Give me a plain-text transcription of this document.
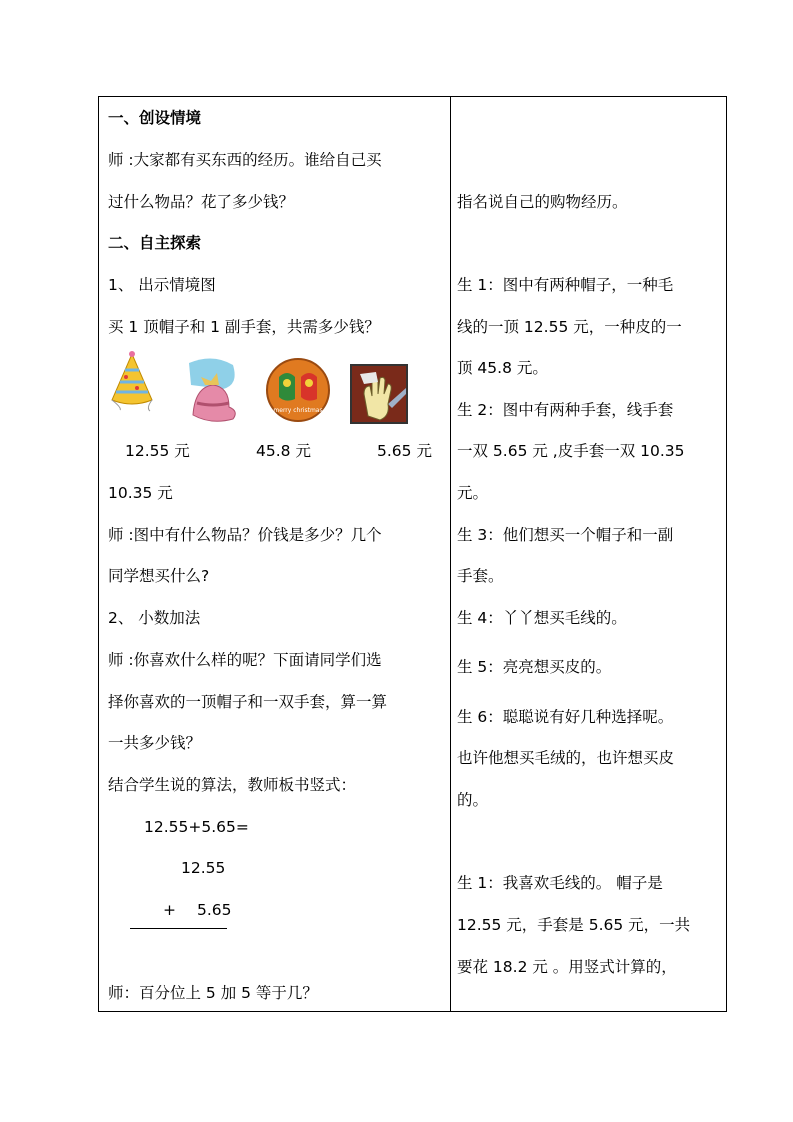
一、创设情境
师 :大家都有买东西的经历。谁给自己买
过什么物品？花了多少钱？
二、自主探索
1、 出示情境图
买 1 顶帽子和 1 副手套，共需多少钱？
merry christmas
12.55 元	45.8 元	5.65 元
10.35 元
师 :图中有什么物品？价钱是多少？几个
同学想买什么?
2、 小数加法
师 :你喜欢什么样的呢？下面请同学们选
择你喜欢的一顶帽子和一双手套，算一算
一共多少钱？
结合学生说的算法，教师板书竖式：
12.55+5.65=
12.55
+ 5.65
师：百分位上 5 加 5 等于几？
指名说自己的购物经历。
生 1：图中有两种帽子，一种毛
线的一顶 12.55 元，一种皮的一
顶 45.8 元。
生 2：图中有两种手套，线手套
一双 5.65 元 ,皮手套一双 10.35
元。
生 3：他们想买一个帽子和一副
手套。
生 4：丫丫想买毛线的。
生 5：亮亮想买皮的。
生 6：聪聪说有好几种选择呢。
也许他想买毛绒的，也许想买皮
的。
生 1：我喜欢毛线的。 帽子是
12.55 元，手套是 5.65 元，一共
要花 18.2 元 。用竖式计算的，
